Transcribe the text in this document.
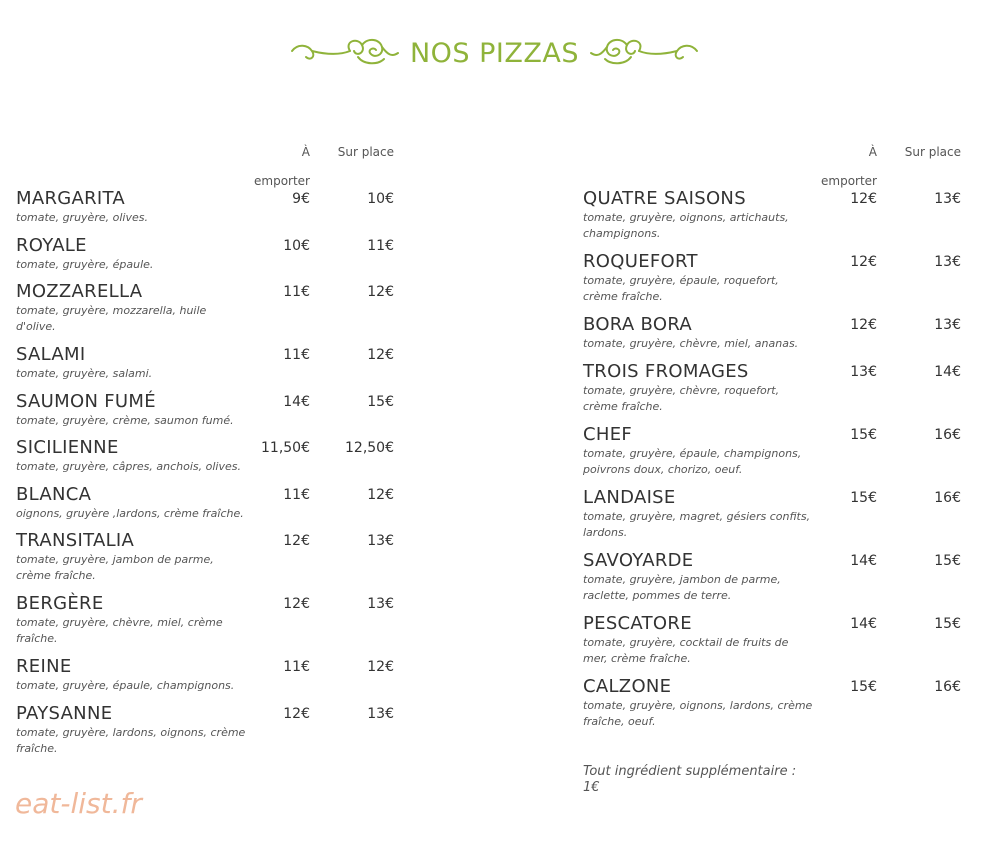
NOS PIZZAS
À
emporter
Sur place
MARGARITA
tomate, gruyère, olives.
9€	10€
ROYALE
tomate, gruyère, épaule.
10€	11€
MOZZARELLA
tomate, gruyère, mozzarella, huile d'olive.
11€	12€
SALAMI
tomate, gruyère, salami.
11€	12€
SAUMON FUMÉ
tomate, gruyère, crème, saumon fumé.
14€	15€
SICILIENNE
tomate, gruyère, câpres, anchois, olives.
11,50€	12,50€
BLANCA
oignons, gruyère ,lardons, crème fraîche.
11€	12€
TRANSITALIA
tomate, gruyère, jambon de parme, crème fraîche.
12€	13€
BERGÈRE
tomate, gruyère, chèvre, miel, crème fraîche.
12€	13€
REINE
tomate, gruyère, épaule, champignons.
11€	12€
PAYSANNE
tomate, gruyère, lardons, oignons, crème fraîche.
12€	13€
À
emporter
Sur place
QUATRE SAISONS
tomate, gruyère, oignons, artichauts, champignons.
12€	13€
ROQUEFORT
tomate, gruyère, épaule, roquefort, crème fraîche.
12€	13€
BORA BORA
tomate, gruyère, chèvre, miel, ananas.
12€	13€
TROIS FROMAGES
tomate, gruyère, chèvre, roquefort, crème fraîche.
13€	14€
CHEF
tomate, gruyère, épaule, champignons, poivrons doux, chorizo, oeuf.
15€	16€
LANDAISE
tomate, gruyère, magret, gésiers confits, lardons.
15€	16€
SAVOYARDE
tomate, gruyère, jambon de parme, raclette, pommes de terre.
14€	15€
PESCATORE
tomate, gruyère, cocktail de fruits de mer, crème fraîche.
14€	15€
CALZONE
tomate, gruyère, oignons, lardons, crème fraîche, oeuf.
15€	16€
Tout ingrédient supplémentaire : 1€
eat-list.fr
